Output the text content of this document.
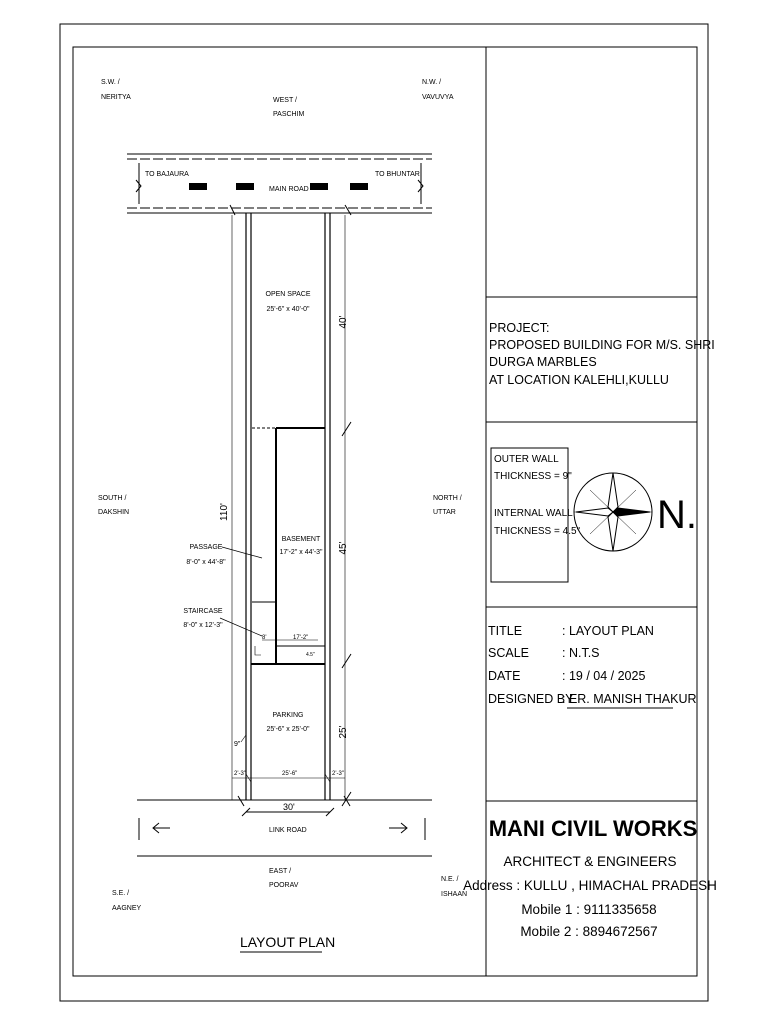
S.W. /
NERITYA
N.W. /
VAVUVYA
WEST /
PASCHIM
SOUTH /
DAKSHIN
NORTH /
UTTAR
S.E. /
AAGNEY
N.E. /
ISHAAN
EAST /
POORAV
TO BAJAURA	TO BHUNTAR
MAIN ROAD
OPEN SPACE
25'-6" x 40'-0"
BASEMENT
17'-2" x 44'-3"
PASSAGE
8'-0" x 44'-8"
STAIRCASE
8'-0" x 12'-3"
PARKING
25'-6" x 25'-0"
8'	17'-2"
4.5"
9"
110'
40'
45'
25'
2'-3"	25'-6"	2'-3"
30'
LINK ROAD
LAYOUT PLAN
PROJECT:
PROPOSED BUILDING FOR M/S. SHRI
DURGA MARBLES
AT LOCATION KALEHLI,KULLU
OUTER WALL
THICKNESS = 9"
INTERNAL WALL
THICKNESS = 4.5" N.
TITLE	: LAYOUT PLAN
SCALE	: N.T.S
DATE	: 19 / 04 / 2025
DESIGNED BY
: ER. MANISH THAKUR
MANI CIVIL WORKS
ARCHITECT & ENGINEERS
Address : KULLU , HIMACHAL PRADESH
Mobile 1 : 9111335658
Mobile 2 : 8894672567
